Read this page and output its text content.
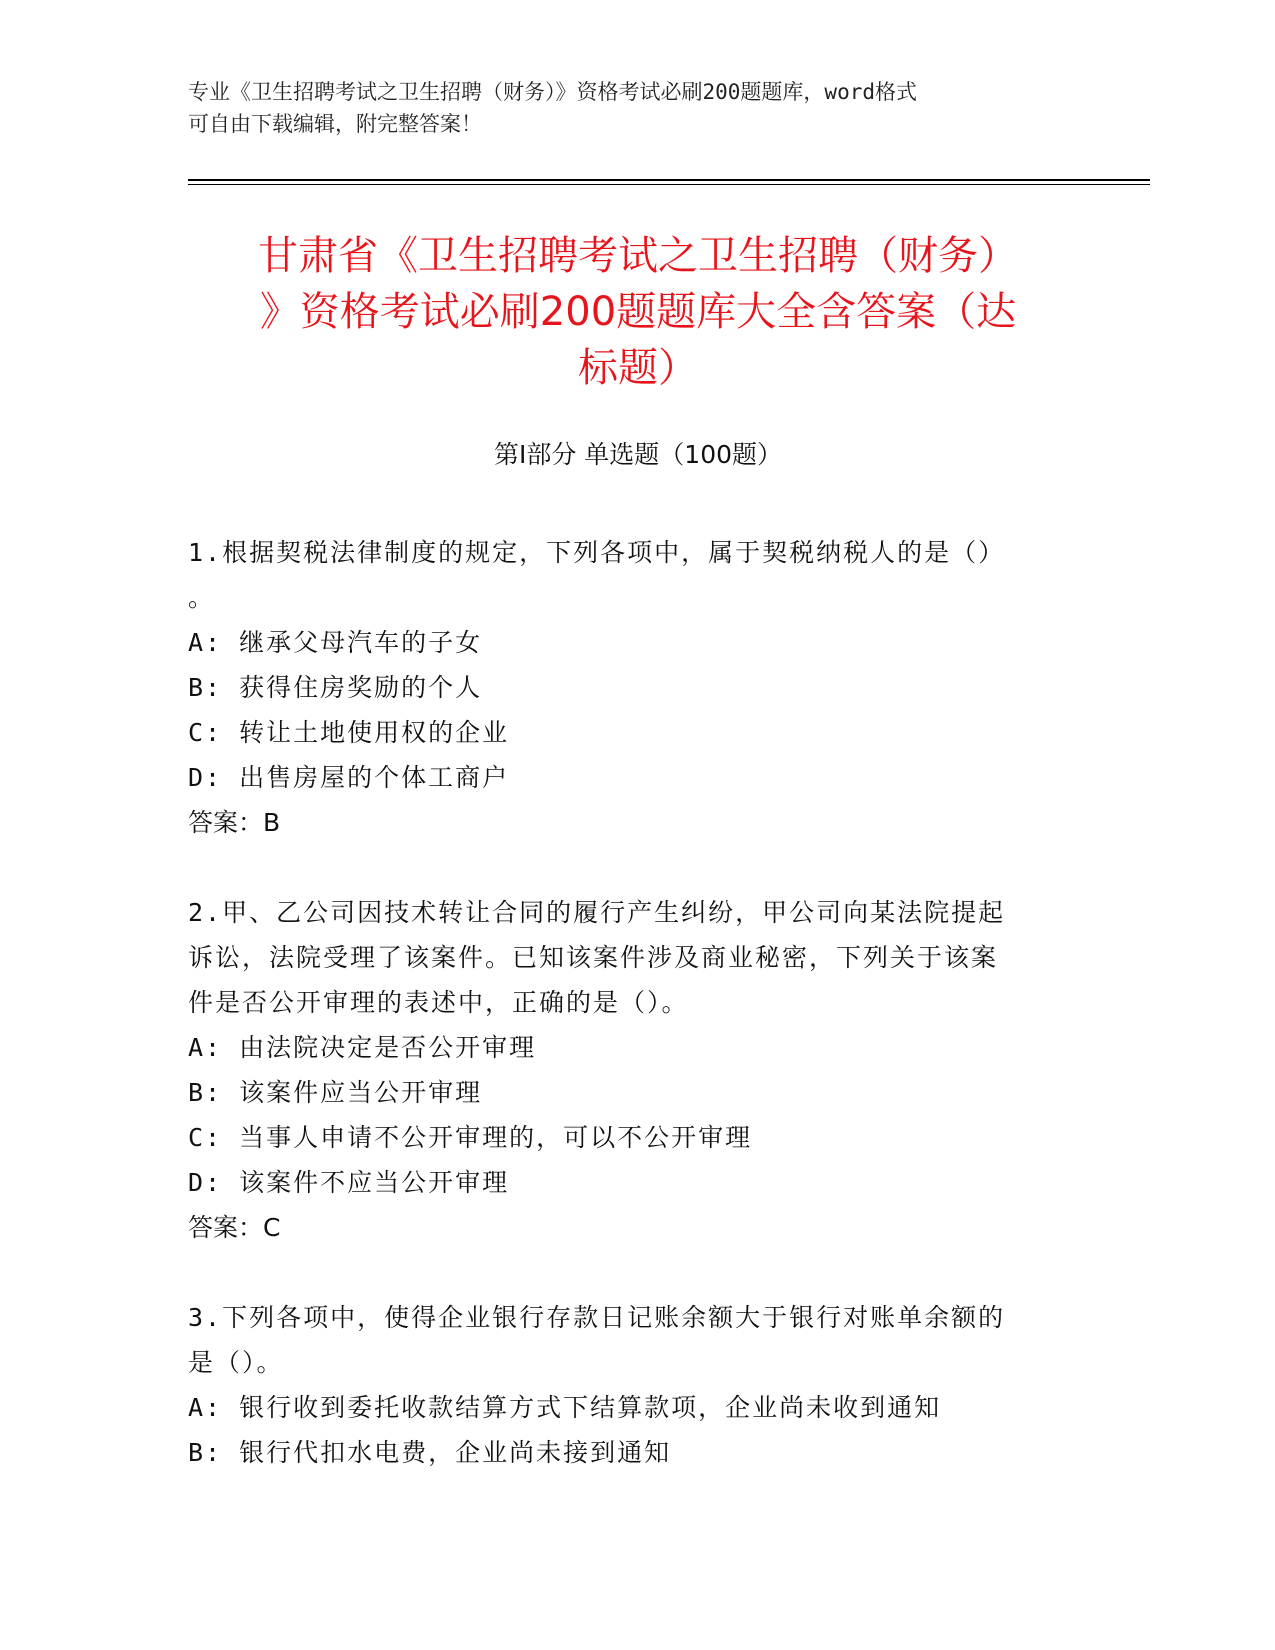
专业《卫生招聘考试之卫生招聘（财务）》资格考试必刷200题题库，word格式
可自由下载编辑，附完整答案！
甘肃省《卫生招聘考试之卫生招聘（财务）
》资格考试必刷200题题库大全含答案（达
标题）
第Ⅰ部分 单选题（100题）
1.根据契税法律制度的规定，下列各项中，属于契税纳税人的是（）
。
A: 继承父母汽车的子女
B: 获得住房奖励的个人
C: 转让土地使用权的企业
D: 出售房屋的个体工商户
答案：B
2.甲、乙公司因技术转让合同的履行产生纠纷，甲公司向某法院提起
诉讼，法院受理了该案件。已知该案件涉及商业秘密，下列关于该案
件是否公开审理的表述中，正确的是（）。
A: 由法院决定是否公开审理
B: 该案件应当公开审理
C: 当事人申请不公开审理的，可以不公开审理
D: 该案件不应当公开审理
答案：C
3.下列各项中，使得企业银行存款日记账余额大于银行对账单余额的
是（）。
A: 银行收到委托收款结算方式下结算款项，企业尚未收到通知
B: 银行代扣水电费，企业尚未接到通知
